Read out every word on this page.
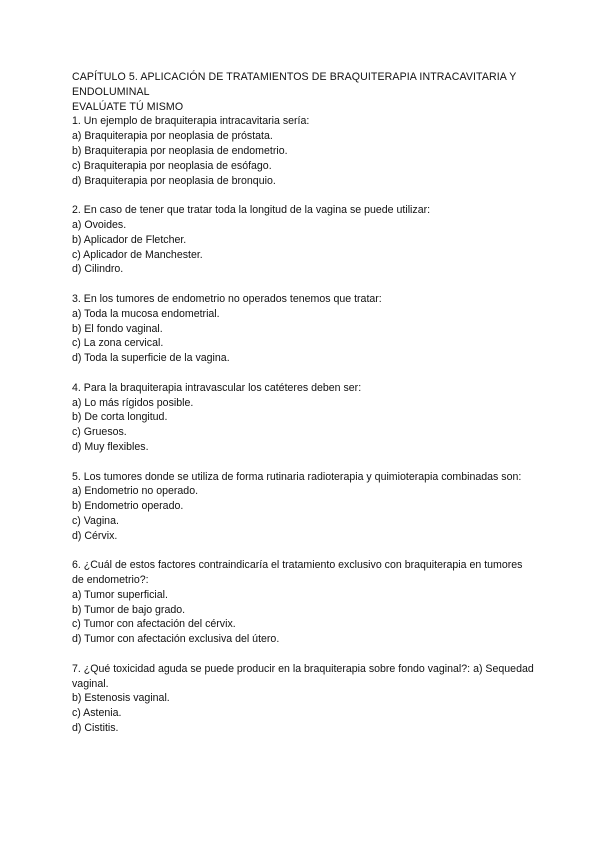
CAPÍTULO 5. APLICACIÓN DE TRATAMIENTOS DE BRAQUITERAPIA INTRACAVITARIA Y ENDOLUMINAL
EVALÚATE TÚ MISMO
1. Un ejemplo de braquiterapia intracavitaria sería:
a) Braquiterapia por neoplasia de próstata.
b) Braquiterapia por neoplasia de endometrio.
c) Braquiterapia por neoplasia de esófago.
d) Braquiterapia por neoplasia de bronquio.
2. En caso de tener que tratar toda la longitud de la vagina se puede utilizar:
a) Ovoides.
b) Aplicador de Fletcher.
c) Aplicador de Manchester.
d) Cilindro.
3. En los tumores de endometrio no operados tenemos que tratar:
a) Toda la mucosa endometrial.
b) El fondo vaginal.
c) La zona cervical.
d) Toda la superficie de la vagina.
4. Para la braquiterapia intravascular los catéteres deben ser:
a) Lo más rígidos posible.
b) De corta longitud.
c) Gruesos.
d) Muy flexibles.
5. Los tumores donde se utiliza de forma rutinaria radioterapia y quimioterapia combinadas son:
a) Endometrio no operado.
b) Endometrio operado.
c) Vagina.
d) Cérvix.
6. ¿Cuál de estos factores contraindicaría el tratamiento exclusivo con braquiterapia en tumores de endometrio?:
a) Tumor superficial.
b) Tumor de bajo grado.
c) Tumor con afectación del cérvix.
d) Tumor con afectación exclusiva del útero.
7. ¿Qué toxicidad aguda se puede producir en la braquiterapia sobre fondo vaginal?: a) Sequedad vaginal.
b) Estenosis vaginal.
c) Astenia.
d) Cistitis.
